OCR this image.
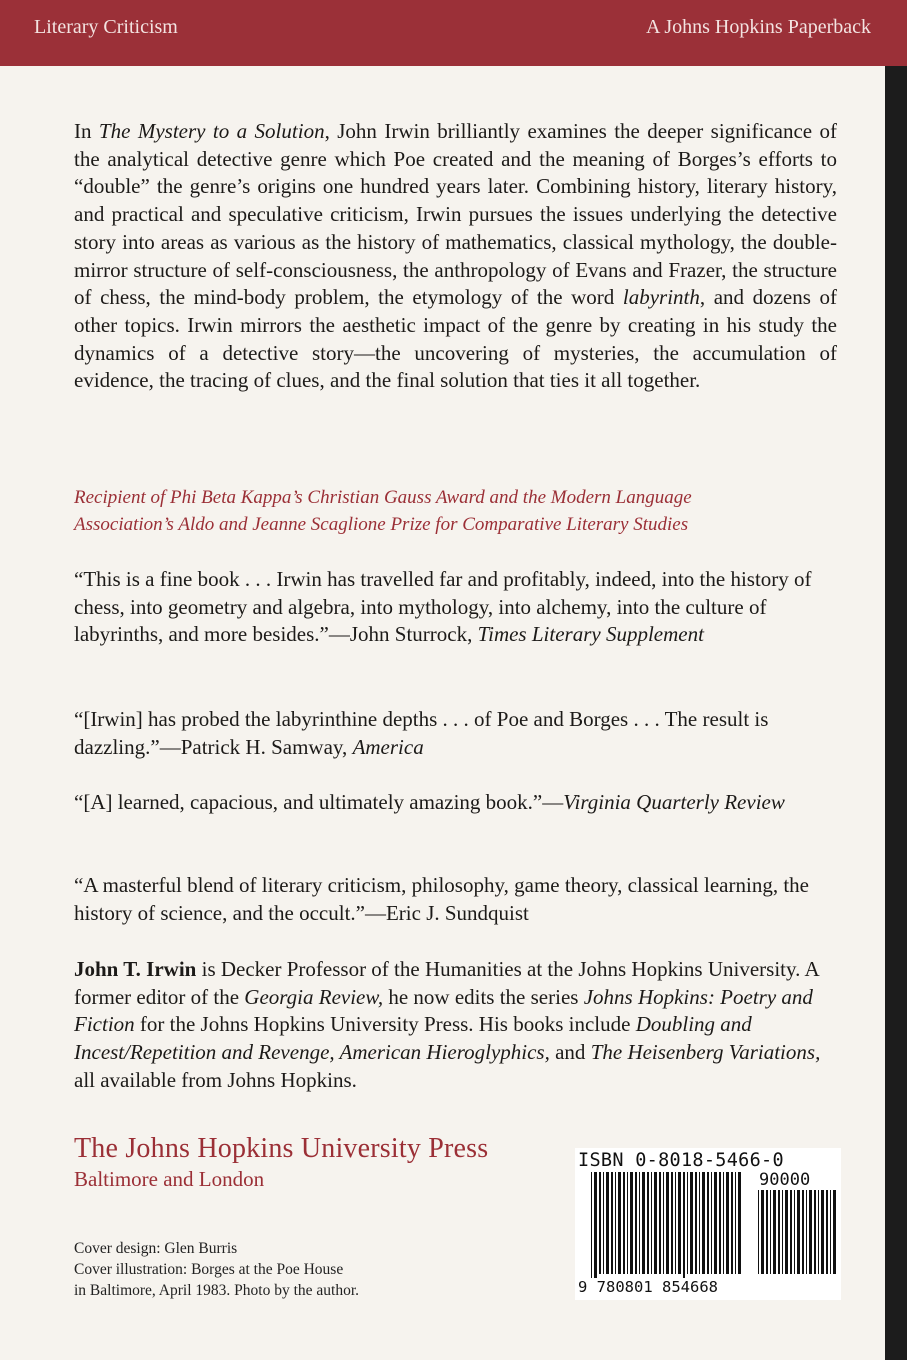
Literary Criticism	A Johns Hopkins Paperback

In The Mystery to a Solution, John Irwin brilliantly examines the deeper significance of the analytical detective genre which Poe created and the meaning of Borges’s efforts to “double” the genre’s origins one hundred years later. Combining history, literary history, and practical and speculative criticism, Irwin pursues the issues underlying the detective story into areas as various as the history of mathematics, classical mythology, the double-mirror structure of self-consciousness, the anthropology of Evans and Frazer, the structure of chess, the mind-body problem, the etymology of the word labyrinth, and dozens of other topics. Irwin mirrors the aesthetic impact of the genre by creating in his study the dynamics of a detective story—the uncovering of mysteries, the accumulation of evidence, the tracing of clues, and the final solution that ties it all together.

Recipient of Phi Beta Kappa’s Christian Gauss Award and the Modern Language

Association’s Aldo and Jeanne Scaglione Prize for Comparative Literary Studies

“This is a fine book . . . Irwin has travelled far and profitably, indeed, into the history of chess, into geometry and algebra, into mythology, into alchemy, into the culture of labyrinths, and more besides.”—John Sturrock, Times Literary Supplement

“[Irwin] has probed the labyrinthine depths . . . of Poe and Borges . . . The result is dazzling.”—Patrick H. Samway, America

“[A] learned, capacious, and ultimately amazing book.”—Virginia Quarterly Review

“A masterful blend of literary criticism, philosophy, game theory, classical learning, the history of science, and the occult.”—Eric J. Sundquist

John T. Irwin is Decker Professor of the Humanities at the Johns Hopkins University. A former editor of the Georgia Review, he now edits the series Johns Hopkins: Poetry and Fiction for the Johns Hopkins University Press. His books include Doubling and Incest/Repetition and Revenge, American Hieroglyphics, and The Heisenberg Variations, all available from Johns Hopkins.

The Johns Hopkins University Press
Baltimore and London
Cover design: Glen Burris
Cover illustration: Borges at the Poe House
in Baltimore, April 1983. Photo by the author.
ISBN 0-8018-5466-0
90000
9 780801 854668
